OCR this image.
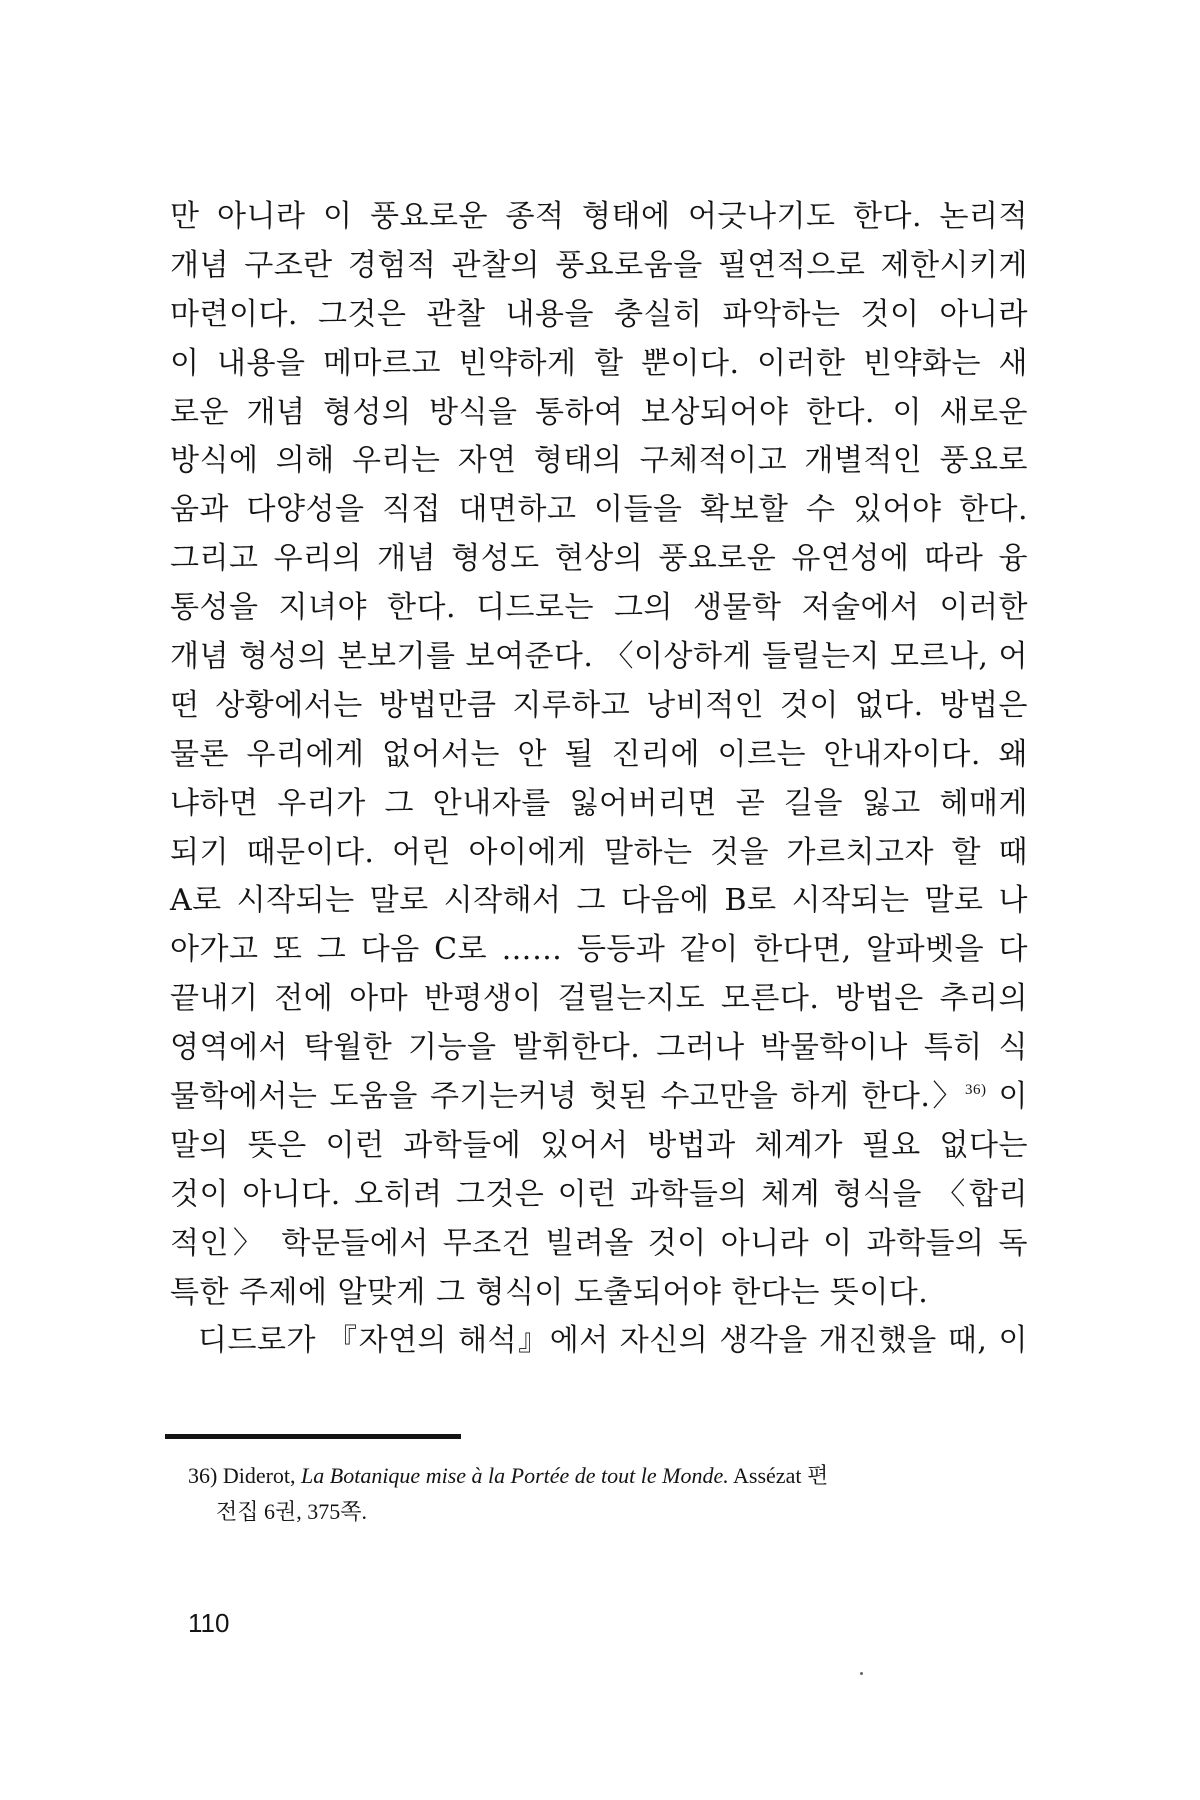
만 아니라 이 풍요로운 종적 형태에 어긋나기도 한다. 논리적
개념 구조란 경험적 관찰의 풍요로움을 필연적으로 제한시키게
마련이다. 그것은 관찰 내용을 충실히 파악하는 것이 아니라
이 내용을 메마르고 빈약하게 할 뿐이다. 이러한 빈약화는 새
로운 개념 형성의 방식을 통하여 보상되어야 한다. 이 새로운
방식에 의해 우리는 자연 형태의 구체적이고 개별적인 풍요로
움과 다양성을 직접 대면하고 이들을 확보할 수 있어야 한다.
그리고 우리의 개념 형성도 현상의 풍요로운 유연성에 따라 융
통성을 지녀야 한다. 디드로는 그의 생물학 저술에서 이러한
개념 형성의 본보기를 보여준다. 〈이상하게 들릴는지 모르나, 어
떤 상황에서는 방법만큼 지루하고 낭비적인 것이 없다. 방법은
물론 우리에게 없어서는 안 될 진리에 이르는 안내자이다. 왜
냐하면 우리가 그 안내자를 잃어버리면 곧 길을 잃고 헤매게
되기 때문이다. 어린 아이에게 말하는 것을 가르치고자 할 때
A로 시작되는 말로 시작해서 그 다음에 B로 시작되는 말로 나
아가고 또 그 다음 C로 …… 등등과 같이 한다면, 알파벳을 다
끝내기 전에 아마 반평생이 걸릴는지도 모른다. 방법은 추리의
영역에서 탁월한 기능을 발휘한다. 그러나 박물학이나 특히 식
물학에서는 도움을 주기는커녕 헛된 수고만을 하게 한다.〉$^{36)}$ 이
말의 뜻은 이런 과학들에 있어서 방법과 체계가 필요 없다는
것이 아니다. 오히려 그것은 이런 과학들의 체계 형식을 〈합리
적인〉 학문들에서 무조건 빌려올 것이 아니라 이 과학들의 독
특한 주제에 알맞게 그 형식이 도출되어야 한다는 뜻이다.
디드로가 『자연의 해석』에서 자신의 생각을 개진했을 때, 이
36) Diderot, La Botanique mise à la Portée de tout le Monde. Assézat 편
전집 6권, 375쪽.
110
